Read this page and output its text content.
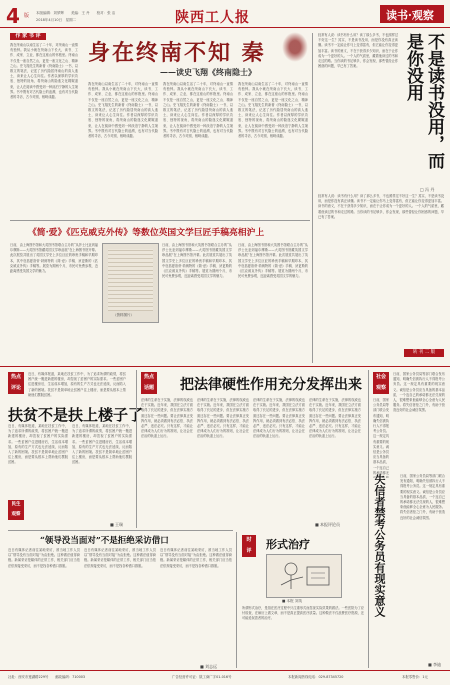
4 版 本版编辑：刘梦辉　　美编：王 丹　　校对：张 洁
2018年4月10日　星期二	陕西工人报	读书·观察
作 家 书 评
我在终南山以南生活了二十年，对终南山一直情有独钟。我从小就在终南山下长大，读书、工作、成家、立业，都在这座山的怀抱里。终南山不仅是一座自然之山，更是一座文化之山、精神之山。史飞翔先生的新著《终南隐士》一书，以散文的笔法，记述了历代隐居终南山的高人逸士，读来让人心生向往。作者以深厚的学识功底、独特的视角，将终南山的隐逸文化娓娓道来，让人在阅读中感受到一种淡泊宁静的人生境界。书中既有对古代隐士的追溯，也有对当代隐者的寻访，古今对照，相映成趣。
身在终南不知 秦
——读史飞翔《终南隐士》
我在终南山以南生活了二十年，对终南山一直情有独钟。我从小就在终南山下长大，读书、工作、成家、立业，都在这座山的怀抱里。终南山不仅是一座自然之山，更是一座文化之山、精神之山。史飞翔先生的新著《终南隐士》一书，以散文的笔法，记述了历代隐居终南山的高人逸士，读来让人心生向往。作者以深厚的学识功底、独特的视角，将终南山的隐逸文化娓娓道来，让人在阅读中感受到一种淡泊宁静的人生境界。书中既有对古代隐士的追溯，也有对当代隐者的寻访，古今对照，相映成趣。
我在终南山以南生活了二十年，对终南山一直情有独钟。我从小就在终南山下长大，读书、工作、成家、立业，都在这座山的怀抱里。终南山不仅是一座自然之山，更是一座文化之山、精神之山。史飞翔先生的新著《终南隐士》一书，以散文的笔法，记述了历代隐居终南山的高人逸士，读来让人心生向往。作者以深厚的学识功底、独特的视角，将终南山的隐逸文化娓娓道来，让人在阅读中感受到一种淡泊宁静的人生境界。书中既有对古代隐士的追溯，也有对当代隐者的寻访，古今对照，相映成趣。
我在终南山以南生活了二十年，对终南山一直情有独钟。我从小就在终南山下长大，读书、工作、成家、立业，都在这座山的怀抱里。终南山不仅是一座自然之山，更是一座文化之山、精神之山。史飞翔先生的新著《终南隐士》一书，以散文的笔法，记述了历代隐居终南山的高人逸士，读来让人心生向往。作者以深厚的学识功底、独特的视角，将终南山的隐逸文化娓娓道来，让人在阅读中感受到一种淡泊宁静的人生境界。书中既有对古代隐士的追溯，也有对当代隐者的寻访，古今对照，相映成趣。
《简·爱》《匹克威克外传》等数位英国文学巨匠手稿亮相沪上
（资料图片）
日前，由上海图书馆和大英图书馆联合主办的“从莎士比亚到福尔摩斯——大英图书馆藏英国文学珍品展”在上海图书馆开幕。此次展览共展出了英国文学史上多位巨匠的珍贵手稿和早期印本，其中包括夏洛蒂·勃朗特的《简·爱》手稿、狄更斯的《匹克威克外传》手稿等。展览为期两个月，市民可免费参观，近距离感受英国文学的魅力。
日前，由上海图书馆和大英图书馆联合主办的“从莎士比亚到福尔摩斯——大英图书馆藏英国文学珍品展”在上海图书馆开幕。此次展览共展出了英国文学史上多位巨匠的珍贵手稿和早期印本，其中包括夏洛蒂·勃朗特的《简·爱》手稿、狄更斯的《匹克威克外传》手稿等。展览为期两个月，市民可免费参观，近距离感受英国文学的魅力。
日前，由上海图书馆和大英图书馆联合主办的“从莎士比亚到福尔摩斯——大英图书馆藏英国文学珍品展”在上海图书馆开幕。此次展览共展出了英国文学史上多位巨匠的珍贵手稿和早期印本，其中包括夏洛蒂·勃朗特的《简·爱》手稿、狄更斯的《匹克威克外传》手稿等。展览为期两个月，市民可免费参观，近距离感受英国文学的魅力。
经常有人说：读书有什么用？读了那么多书，不也照样过不好这一生？其实，不是读书没用，而是你没有真正读懂。读书不一定能让你马上变得富有，但它能让你变得更加丰富。读书的意义，不在于获得多少知识，而在于让你成为一个更好的人。一个人的气质里，藏着他读过的书和走过的路。当你读的书足够多，你会发现，那些曾经让你困惑的问题，早已有了答案。	不是读书没用，而是你没用
□ 冯 丹
经常有人说：读书有什么用？读了那么多书，不也照样过不好这一生？其实，不是读书没用，而是你没有真正读懂。读书不一定能让你马上变得富有，但它能让你变得更加丰富。读书的意义，不在于获得多少知识，而在于让你成为一个更好的人。一个人的气质里，藏着他读过的书和走过的路。当你读的书足够多，你会发现，那些曾经让你困惑的问题，早已有了答案。
转 刊 二 版
热点
评论
近日，有媒体报道，某地在扶贫工作中，为了追求所谓的政绩，将贫困户统一搬进新建的楼房，却忽视了贫困户的实际需求。一些贫困户住进楼房后，生活成本增加，原有的生产方式也无法延续，反而陷入了新的困境。扶贫不是简单地让贫困户住上楼房，而是要从根本上帮助他们摆脱贫困。
扶贫不是扶上楼子了
近日，有媒体报道，某地在扶贫工作中，为了追求所谓的政绩，将贫困户统一搬进新建的楼房，却忽视了贫困户的实际需求。一些贫困户住进楼房后，生活成本增加，原有的生产方式也无法延续，反而陷入了新的困境。扶贫不是简单地让贫困户住上楼房，而是要从根本上帮助他们摆脱贫困。
近日，有媒体报道，某地在扶贫工作中，为了追求所谓的政绩，将贫困户统一搬进新建的楼房，却忽视了贫困户的实际需求。一些贫困户住进楼房后，生活成本增加，原有的生产方式也无法延续，反而陷入了新的困境。扶贫不是简单地让贫困户住上楼房，而是要从根本上帮助他们摆脱贫困。
■ 王瑞
民生
观察
“领导没当面对”不是拒绝采访借口
近日有媒体记者前往某地采访，被当地工作人员以“领导没有当面对接”为由拒绝。这种做法值得商榷。新闻采访是媒体的正常工作，相关部门应当依法依规接受采访，而不是找各种借口推脱。
近日有媒体记者前往某地采访，被当地工作人员以“领导没有当面对接”为由拒绝。这种做法值得商榷。新闻采访是媒体的正常工作，相关部门应当依法依规接受采访，而不是找各种借口推脱。
近日有媒体记者前往某地采访，被当地工作人员以“领导没有当面对接”为由拒绝。这种做法值得商榷。新闻采访是媒体的正常工作，相关部门应当依法依规接受采访，而不是找各种借口推脱。
■ 刘志远
热点
话题 把法律硬性作用充分发挥出来
法律的生命在于实施，法律的权威也在于实施。近年来，我国在立法方面取得了长足的进步，但在法律实施方面还存在一些问题。要让法律真正发挥作用，就必须做到有法必依、执法必严、违法必究。只有这样，才能让法律成为人们行为的准则，让社会在法治的轨道上运行。
法律的生命在于实施，法律的权威也在于实施。近年来，我国在立法方面取得了长足的进步，但在法律实施方面还存在一些问题。要让法律真正发挥作用，就必须做到有法必依、执法必严、违法必究。只有这样，才能让法律成为人们行为的准则，让社会在法治的轨道上运行。
法律的生命在于实施，法律的权威也在于实施。近年来，我国在立法方面取得了长足的进步，但在法律实施方面还存在一些问题。要让法律真正发挥作用，就必须做到有法必依、执法必严、违法必究。只有这样，才能让法律成为人们行为的准则，让社会在法治的轨道上运行。
法律的生命在于实施，法律的权威也在于实施。近年来，我国在立法方面取得了长足的进步，但在法律实施方面还存在一些问题。要让法律真正发挥作用，就必须做到有法必依、执法必严、违法必究。只有这样，才能让法律成为人们行为的准则，让社会在法治的轨道上运行。
■ 本报评论员
时
评	形式治疗
■ 本报 刘英
所谓形式治疗，是指在医疗过程中只注重形式而忽视实际效果的做法。一些医院为了应付检查，在病历上做文章，而不是真正提高医疗质量。这种做法不仅浪费医疗资源，还可能延误患者的治疗。
社会
观察
日前，国家公务员局等部门联合发布通知，明确失信被执行人不得报考公务员。这一规定具有重要的现实意义。诚信是公务员应当具备的基本品质，一个连自己的承诺都无法兑现的人，很难想象他能够全心全意为人民服务。将失信者拒之门外，有助于营造良好的社会诚信氛围。
日前，国家公务员局等部门联合发布通知，明确失信被执行人不得报考公务员。这一规定具有重要的现实意义。诚信是公务员应当具备的基本品质，一个连自己的承诺都无
失信者禁考公务员有现实意义	日前，国家公务员局等部门联合发布通知，明确失信被执行人不得报考公务员。这一规定具有重要的现实意义。诚信是公务员应当具备的基本品质，一个连自己的承诺都无法兑现的人，很难想象他能够全心全意为人民服务。将失信者拒之门外，有助于营造良好的社会诚信氛围。
■ 李迪
社址：西安市莲湖路229号　　邮政编码：710003	广告经营许可证：陕工商广字01-016号	本报新闻热线电话：029-87345720	本报零售价：1元
